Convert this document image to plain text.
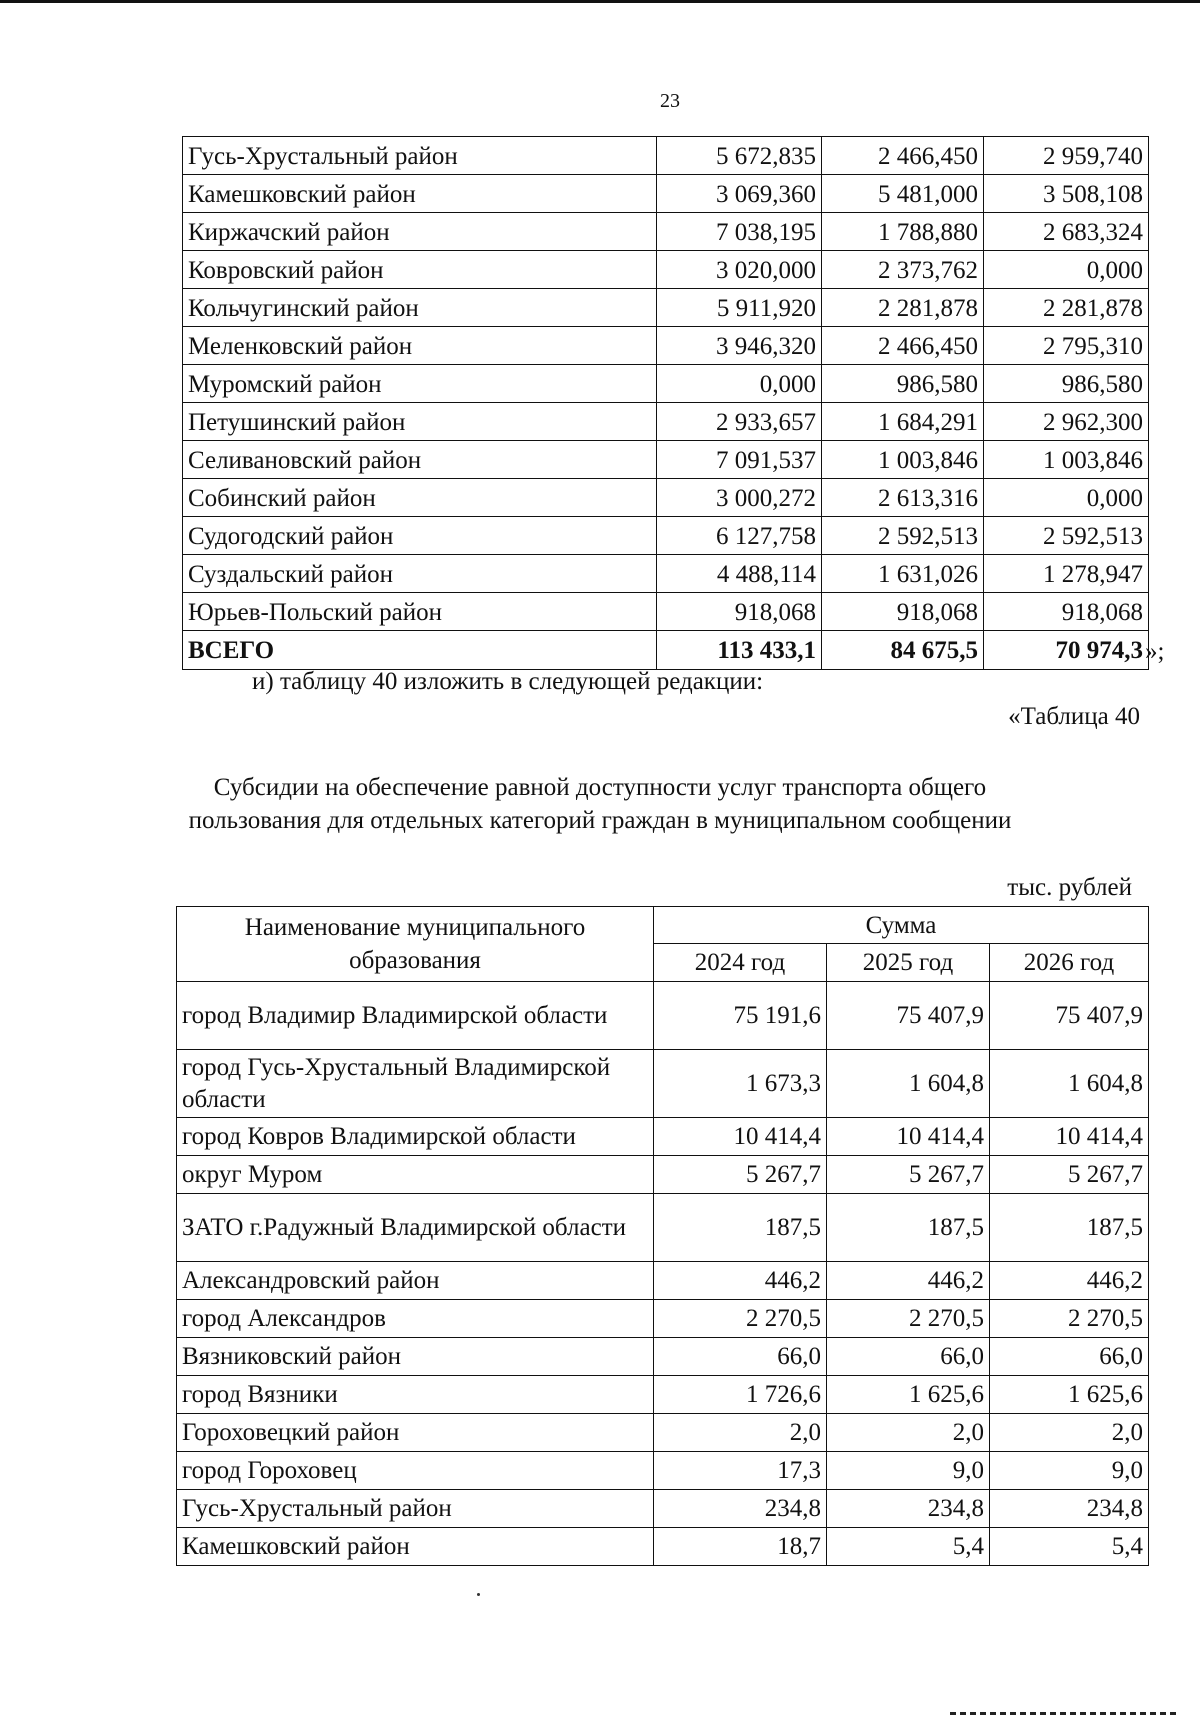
23
Гусь-Хрустальный район	5 672,835	2 466,450	2 959,740
Камешковский район	3 069,360	5 481,000	3 508,108
Киржачский район	7 038,195	1 788,880	2 683,324
Ковровский район	3 020,000	2 373,762	0,000
Кольчугинский район	5 911,920	2 281,878	2 281,878
Меленковский район	3 946,320	2 466,450	2 795,310
Муромский район	0,000	986,580	986,580
Петушинский район	2 933,657	1 684,291	2 962,300
Селивановский район	7 091,537	1 003,846	1 003,846
Собинский район	3 000,272	2 613,316	0,000
Судогодский район	6 127,758	2 592,513	2 592,513
Суздальский район	4 488,114	1 631,026	1 278,947
Юрьев-Польский район	918,068	918,068	918,068
ВСЕГО	113 433,1	84 675,5	70 974,3 »;
и) таблицу 40 изложить в следующей редакции:
«Таблица 40
Субсидии на обеспечение равной доступности услуг транспорта общего
пользования для отдельных категорий граждан в муниципальном сообщении
тыс. рублей
Наименование муниципального
образования	Сумма		
	2024 год	2025 год	2026 год
город Владимир Владимирской области	75 191,6	75 407,9	75 407,9
город Гусь-Хрустальный Владимирской области	1 673,3	1 604,8	1 604,8
город Ковров Владимирской области	10 414,4	10 414,4	10 414,4
округ Муром	5 267,7	5 267,7	5 267,7
ЗАТО г.Радужный Владимирской области	187,5	187,5	187,5
Александровский район	446,2	446,2	446,2
город Александров	2 270,5	2 270,5	2 270,5
Вязниковский район	66,0	66,0	66,0
город Вязники	1 726,6	1 625,6	1 625,6
Гороховецкий район	2,0	2,0	2,0
город Гороховец	17,3	9,0	9,0
Гусь-Хрустальный район	234,8	234,8	234,8
Камешковский район	18,7	5,4	5,4
